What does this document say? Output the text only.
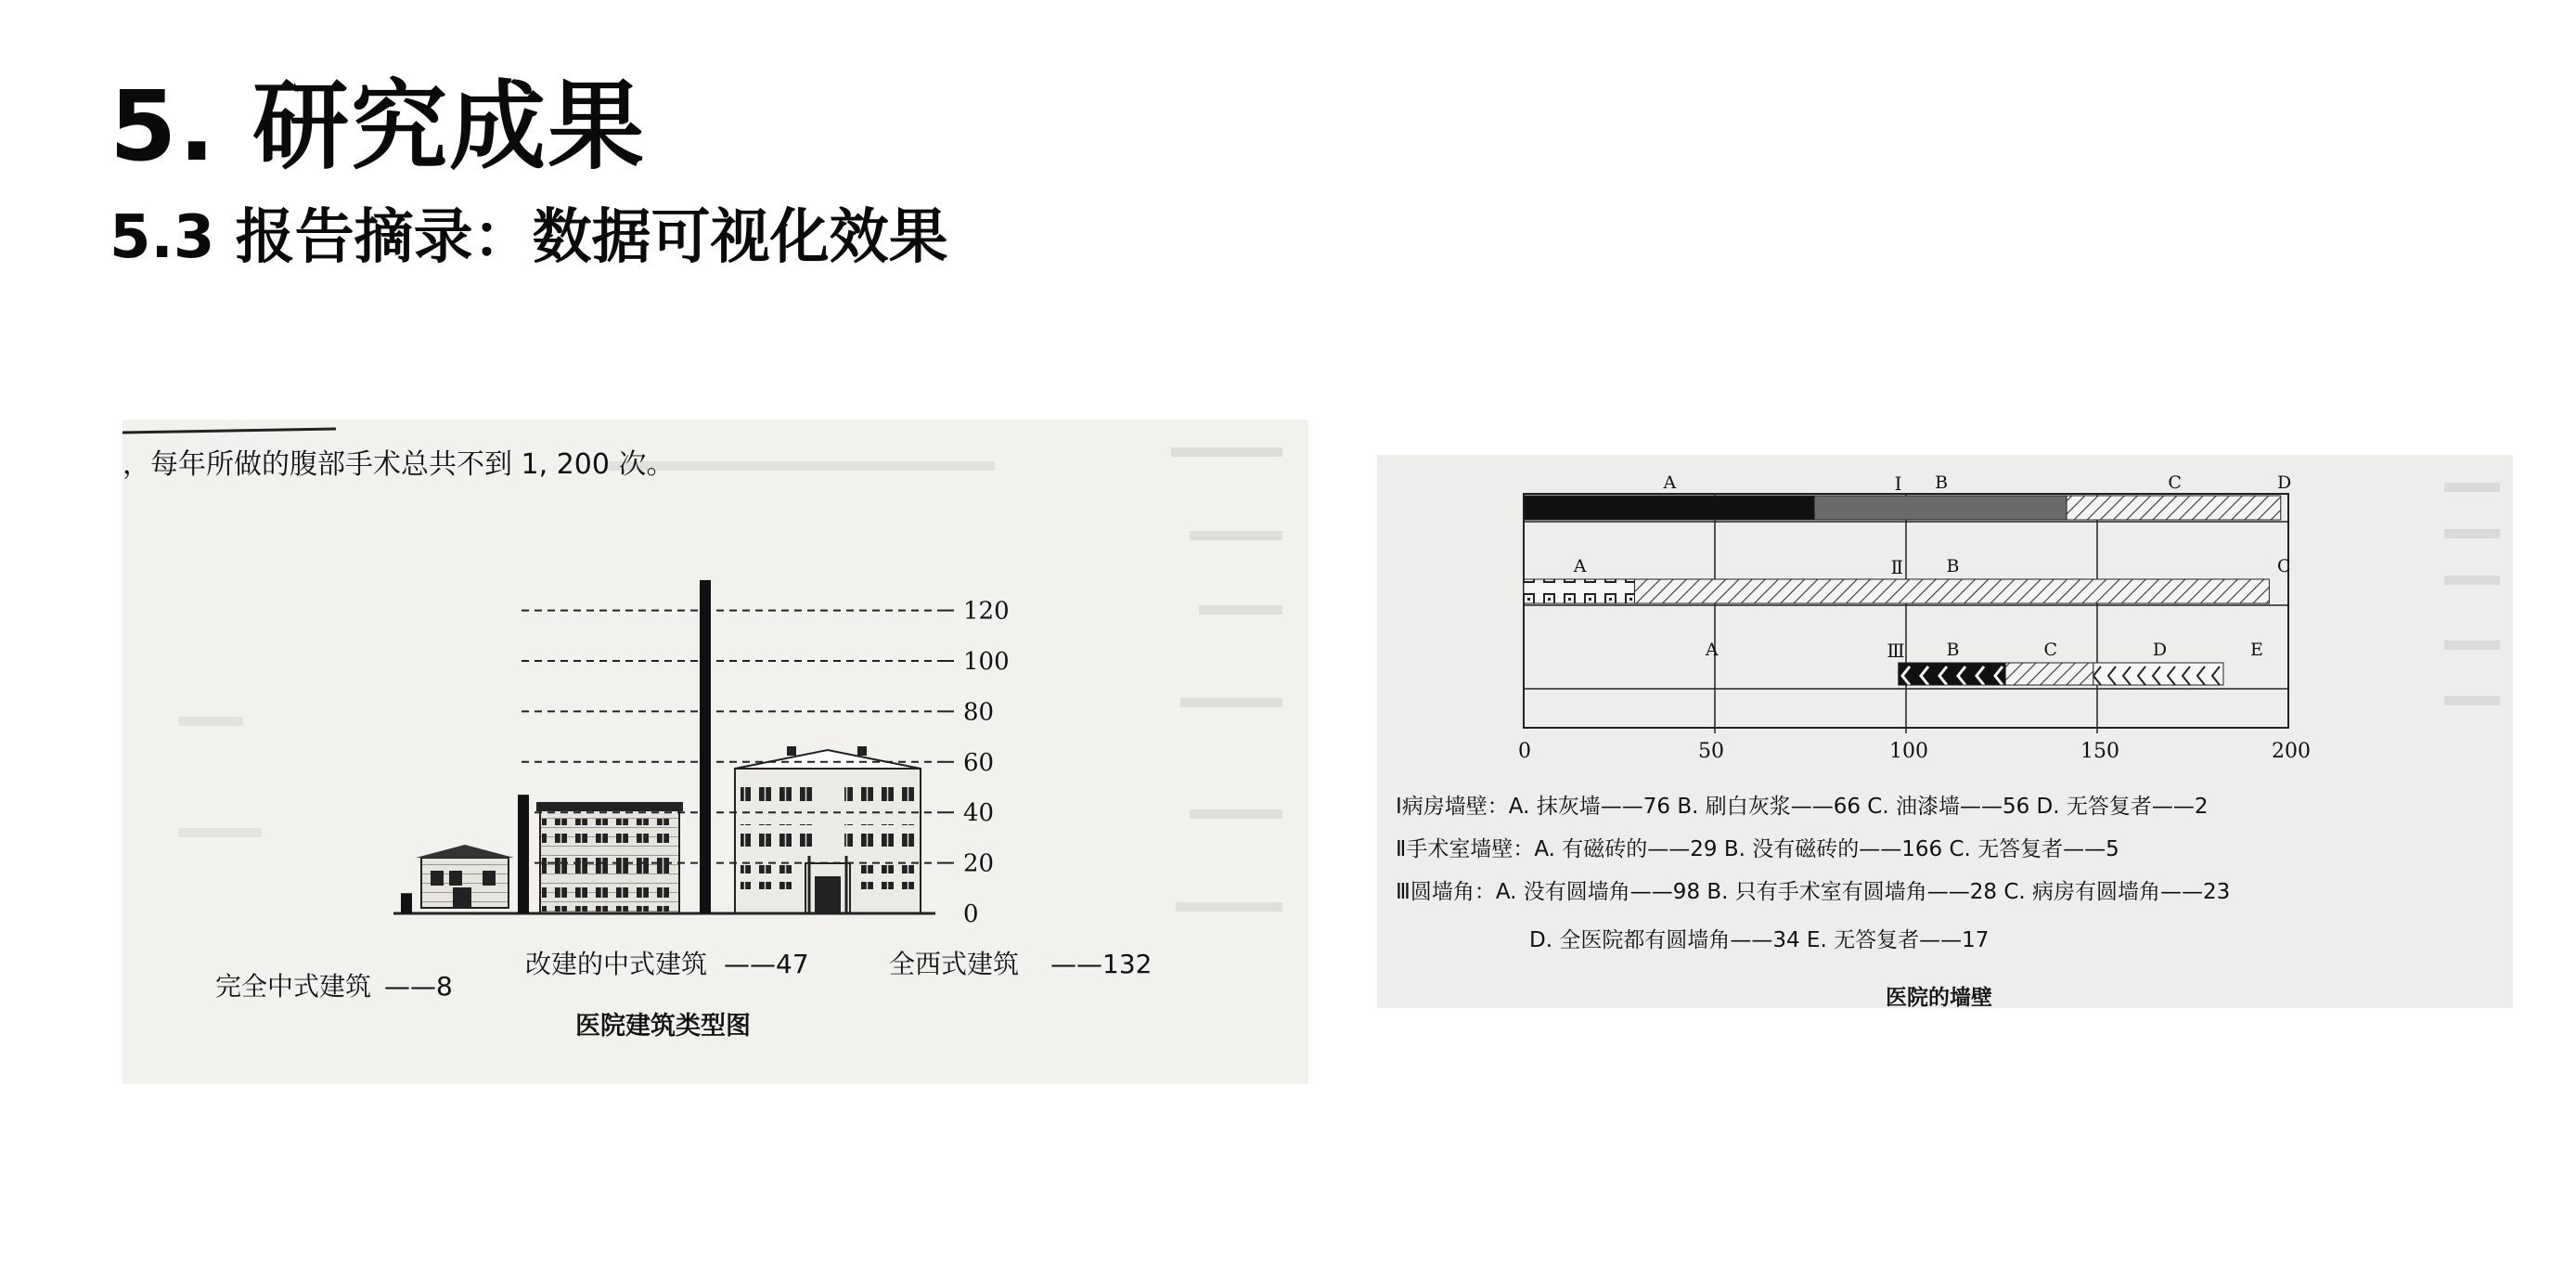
5. 研究成果
5.3 报告摘录：数据可视化效果
，每年所做的腹部手术总共不到 1, 200 次。
0
20
40
60
80
100
120
完全中式建筑 ——8
改建的中式建筑 ——47	全西式建筑 ——132
医院建筑类型图
0	50	100	150	200
Ⅰ
A	B	C	D
Ⅱ
A	B	C
Ⅲ
A	B	C	D	E
Ⅰ病房墙壁：A. 抹灰墙——76 B. 刷白灰浆——66 C. 油漆墙——56 D. 无答复者——2
Ⅱ手术室墙壁：A. 有磁砖的——29 B. 没有磁砖的——166 C. 无答复者——5
Ⅲ圆墙角：A. 没有圆墙角——98 B. 只有手术室有圆墙角——28 C. 病房有圆墙角——23
D. 全医院都有圆墙角——34 E. 无答复者——17
医院的墙壁
